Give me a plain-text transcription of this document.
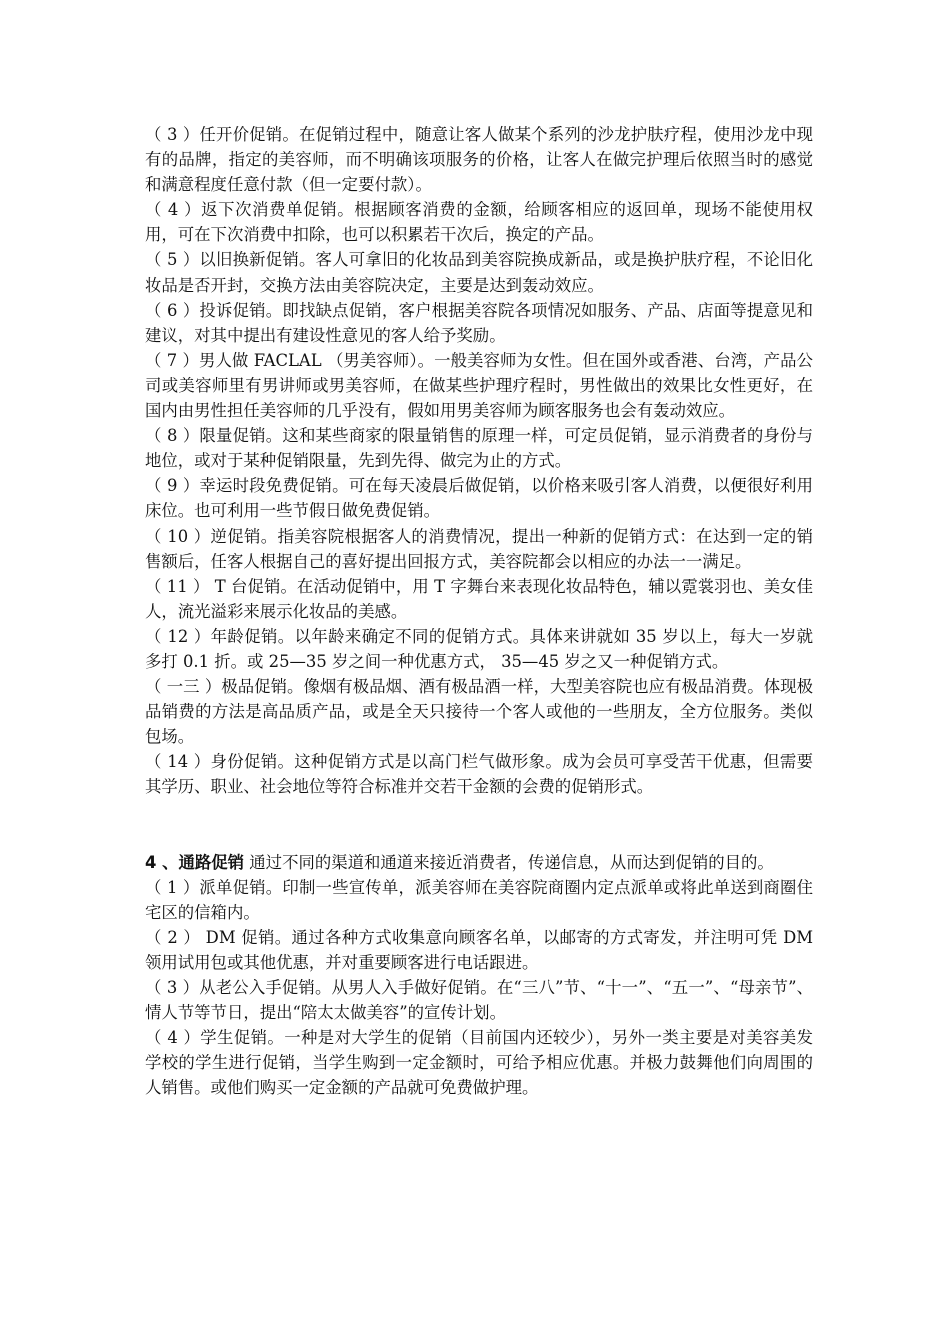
（ 3 ）任开价促销。在促销过程中，随意让客人做某个系列的沙龙护肤疗程，使用沙龙中现有的品牌，指定的美容师，而不明确该项服务的价格，让客人在做完护理后依照当时的感觉和满意程度任意付款（但一定要付款）。

（ 4 ）返下次消费单促销。根据顾客消费的金额，给顾客相应的返回单，现场不能使用权用，可在下次消费中扣除，也可以积累若干次后，换定的产品。

（ 5 ）以旧换新促销。客人可拿旧的化妆品到美容院换成新品，或是换护肤疗程，不论旧化妆品是否开封，交换方法由美容院决定，主要是达到轰动效应。

（ 6 ）投诉促销。即找缺点促销，客户根据美容院各项情况如服务、产品、店面等提意见和建议，对其中提出有建设性意见的客人给予奖励。

（ 7 ）男人做 FACLAL （男美容师）。一般美容师为女性。但在国外或香港、台湾，产品公司或美容师里有男讲师或男美容师，在做某些护理疗程时，男性做出的效果比女性更好，在国内由男性担任美容师的几乎没有，假如用男美容师为顾客服务也会有轰动效应。

（ 8 ）限量促销。这和某些商家的限量销售的原理一样，可定员促销，显示消费者的身份与地位，或对于某种促销限量，先到先得、做完为止的方式。

（ 9 ）幸运时段免费促销。可在每天凌晨后做促销，以价格来吸引客人消费，以便很好利用床位。也可利用一些节假日做免费促销。

（ 10 ）逆促销。指美容院根据客人的消费情况，提出一种新的促销方式：在达到一定的销售额后，任客人根据自己的喜好提出回报方式，美容院都会以相应的办法一一满足。

（ 11 ） T 台促销。在活动促销中，用 T 字舞台来表现化妆品特色，辅以霓裳羽也、美女佳人，流光溢彩来展示化妆品的美感。

（ 12 ）年龄促销。以年龄来确定不同的促销方式。具体来讲就如 35 岁以上，每大一岁就多打 0.1 折。或 25—35 岁之间一种优惠方式， 35—45 岁之又一种促销方式。

（ 一三 ）极品促销。像烟有极品烟、酒有极品酒一样，大型美容院也应有极品消费。体现极品销费的方法是高品质产品，或是全天只接待一个客人或他的一些朋友，全方位服务。类似包场。

（ 14 ）身份促销。这种促销方式是以高门栏气做形象。成为会员可享受苦干优惠，但需要其学历、职业、社会地位等符合标准并交若干金额的会费的促销形式。

4 、通路促销 通过不同的渠道和通道来接近消费者，传递信息，从而达到促销的目的。

（ 1 ）派单促销。印制一些宣传单，派美容师在美容院商圈内定点派单或将此单送到商圈住宅区的信箱内。

（ 2 ） DM 促销。通过各种方式收集意向顾客名单，以邮寄的方式寄发，并注明可凭 DM 领用试用包或其他优惠，并对重要顾客进行电话跟进。

（ 3 ）从老公入手促销。从男人入手做好促销。在“三八”节、“十一”、“五一”、“母亲节”、情人节等节日，提出“陪太太做美容”的宣传计划。

（ 4 ）学生促销。一种是对大学生的促销（目前国内还较少），另外一类主要是对美容美发学校的学生进行促销，当学生购到一定金额时，可给予相应优惠。并极力鼓舞他们向周围的人销售。或他们购买一定金额的产品就可免费做护理。
